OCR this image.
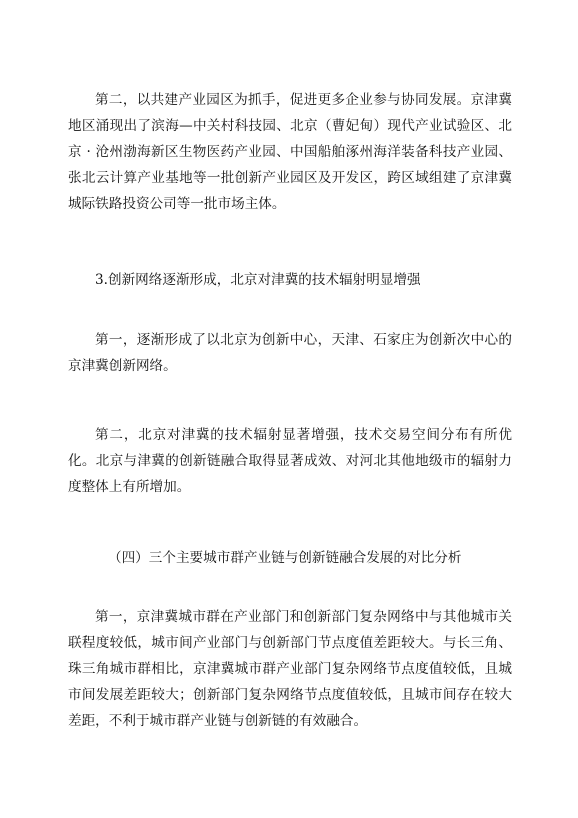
第二，以共建产业园区为抓手，促进更多企业参与协同发展。京津冀地区涌现出了滨海—中关村科技园、北京（曹妃甸）现代产业试验区、北京 · 沧州渤海新区生物医药产业园、中国船舶涿州海洋装备科技产业园、张北云计算产业基地等一批创新产业园区及开发区，跨区域组建了京津冀城际铁路投资公司等一批市场主体。

3.创新网络逐渐形成，北京对津冀的技术辐射明显增强

第一，逐渐形成了以北京为创新中心，天津、石家庄为创新次中心的京津冀创新网络。

第二，北京对津冀的技术辐射显著增强，技术交易空间分布有所优化。北京与津冀的创新链融合取得显著成效、对河北其他地级市的辐射力度整体上有所增加。

（四）三个主要城市群产业链与创新链融合发展的对比分析

第一，京津冀城市群在产业部门和创新部门复杂网络中与其他城市关联程度较低，城市间产业部门与创新部门节点度值差距较大。与长三角、珠三角城市群相比，京津冀城市群产业部门复杂网络节点度值较低，且城市间发展差距较大；创新部门复杂网络节点度值较低，且城市间存在较大差距，不利于城市群产业链与创新链的有效融合。
